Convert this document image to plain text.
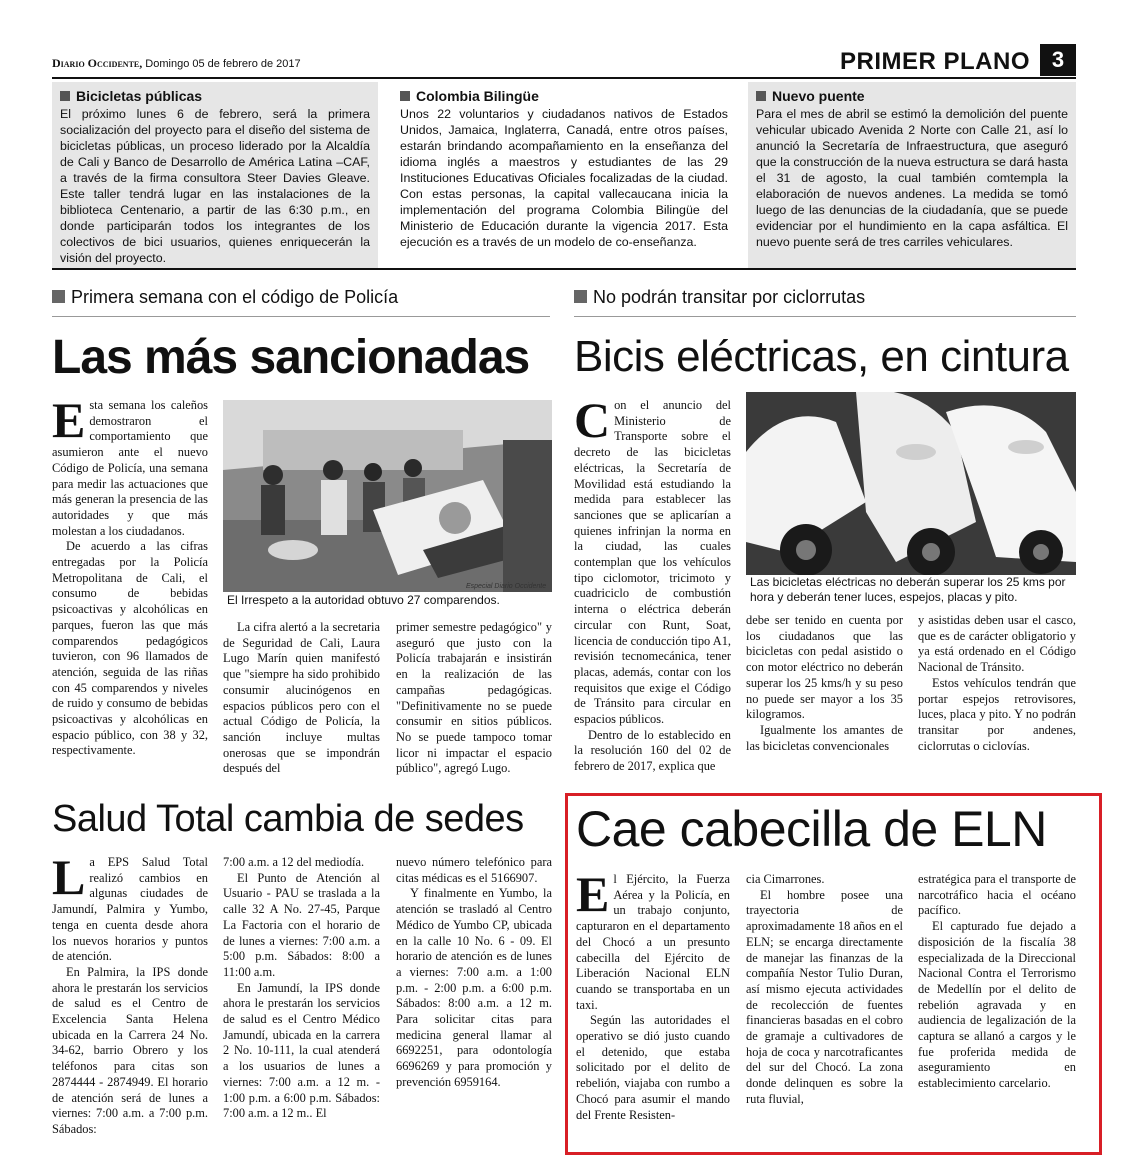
Diario Occidente, Domingo 05 de febrero de 2017	PRIMER PLANO 3
Bicicletas públicas

El próximo lunes 6 de febrero, será la primera socialización del proyecto para el diseño del sistema de bicicletas públicas, un proceso liderado por la Alcaldía de Cali y Banco de Desarrollo de América Latina –CAF, a través de la firma consultora Steer Davies Gleave. Este taller tendrá lugar en las instalaciones de la biblioteca Centenario, a partir de las 6:30 p.m., en donde participarán todos los integrantes de los colectivos de bici usuarios, quienes enriquecerán la visión del proyecto.

Colombia Bilingüe

Unos 22 voluntarios y ciudadanos nativos de Estados Unidos, Jamaica, Inglaterra, Canadá, entre otros países, estarán brindando acompañamiento en la enseñanza del idioma inglés a maestros y estudiantes de las 29 Instituciones Educativas Oficiales focalizadas de la ciudad. Con estas personas, la capital vallecaucana inicia la implementación del programa Colombia Bilingüe del Ministerio de Educación durante la vigencia 2017. Esta ejecución es a través de un modelo de co-enseñanza.

Nuevo puente

Para el mes de abril se estimó la demolición del puente vehicular ubicado Avenida 2 Norte con Calle 21, así lo anunció la Secretaría de Infraestructura, que aseguró que la construcción de la nueva estructura se dará hasta el 31 de agosto, la cual también comtempla la elaboración de nuevos andenes. La medida se tomó luego de las denuncias de la ciudadanía, que se puede evidenciar por el hundimiento en la capa asfáltica. El nuevo puente será de tres carriles vehiculares.

Primera semana con el código de Policía
Las más sancionadas
E sta semana los caleños demostraron el comportamiento que asumieron ante el nuevo Código de Policía, una semana para medir las actuaciones que más generan la presencia de las autoridades y que más molestan a los ciudadanos.

De acuerdo a las cifras entregadas por la Policía Metropolitana de Cali, el consumo de bebidas psicoactivas y alcohólicas en parques, fueron las que más comparendos pedagógicos tuvieron, con 96 llamados de atención, seguida de las riñas con 45 comparendos y niveles de ruido y consumo de bebidas psicoactivas y alcohólicas en espacio público, con 38 y 32, respectivamente.

Especial Diario Occidente
El Irrespeto a la autoridad obtuvo 27 comparendos.

La cifra alertó a la secretaria de Seguridad de Cali, Laura Lugo Marín quien manifestó que "siempre ha sido prohibido consumir alucinógenos en espacios públicos pero con el actual Código de Policía, la sanción incluye multas onerosas que se impondrán después del

primer semestre pedagógico" y aseguró que justo con la Policía trabajarán e insistirán en la realización de las campañas pedagógicas. "Definitivamente no se puede consumir en sitios públicos. No se puede tampoco tomar licor ni impactar el espacio público", agregó Lugo.

No podrán transitar por ciclorrutas
Bicis eléctricas, en cintura
C on el anuncio del Ministerio de Transporte sobre el decreto de las bicicletas eléctricas, la Secretaría de Movilidad está estudiando la medida para establecer las sanciones que se aplicarían a quienes infrinjan la norma en la ciudad, las cuales contemplan que los vehículos tipo ciclomotor, tricimoto y cuadriciclo de combustión interna o eléctrica deberán circular con Runt, Soat, licencia de conducción tipo A1, revisión tecnomecánica, tener placas, además, contar con los requisitos que exige el Código de Tránsito para circular en espacios públicos.

Dentro de lo establecido en la resolución 160 del 02 de febrero de 2017, explica que

Las bicicletas eléctricas no deberán superar los 25 kms por hora y deberán tener luces, espejos, placas y pito.

debe ser tenido en cuenta por los ciudadanos que las bicicletas con pedal asistido o con motor eléctrico no deberán superar los 25 kms/h y su peso no puede ser mayor a los 35 kilogramos.

Igualmente los amantes de las bicicletas convencionales

y asistidas deben usar el casco, que es de carácter obligatorio y ya está ordenado en el Código Nacional de Tránsito.

Estos vehículos tendrán que portar espejos retrovisores, luces, placa y pito. Y no podrán transitar por andenes, ciclorrutas o ciclovías.

Salud Total cambia de sedes
L a EPS Salud Total realizó cambios en algunas ciudades de Jamundí, Palmira y Yumbo, tenga en cuenta desde ahora los nuevos horarios y puntos de atención.

En Palmira, la IPS donde ahora le prestarán los servicios de salud es el Centro de Excelencia Santa Helena ubicada en la Carrera 24 No. 34-62, barrio Obrero y los teléfonos para citas son 2874444 - 2874949. El horario de atención será de lunes a viernes: 7:00 a.m. a 7:00 p.m. Sábados:

7:00 a.m. a 12 del mediodía.

El Punto de Atención al Usuario - PAU se traslada a la calle 32 A No. 27-45, Parque La Factoria con el horario de de lunes a viernes: 7:00 a.m. a 5:00 p.m. Sábados: 8:00 a 11:00 a.m.

En Jamundí, la IPS donde ahora le prestarán los servicios de salud es el Centro Médico Jamundí, ubicada en la carrera 2 No. 10-111, la cual atenderá a los usuarios de lunes a viernes: 7:00 a.m. a 12 m. - 1:00 p.m. a 6:00 p.m. Sábados: 7:00 a.m. a 12 m.. El

nuevo número telefónico para citas médicas es el 5166907.

Y finalmente en Yumbo, la atención se trasladó al Centro Médico de Yumbo CP, ubicada en la calle 10 No. 6 - 09. El horario de atención es de lunes a viernes: 7:00 a.m. a 1:00 p.m. - 2:00 p.m. a 6:00 p.m. Sábados: 8:00 a.m. a 12 m. Para solicitar citas para medicina general llamar al 6692251, para odontología 6696269 y para promoción y prevención 6959164.

Cae cabecilla de ELN
E l Ejército, la Fuerza Aérea y la Policía, en un trabajo conjunto, capturaron en el departamento del Chocó a un presunto cabecilla del Ejército de Liberación Nacional ELN cuando se transportaba en un taxi.

Según las autoridades el operativo se dió justo cuando el detenido, que estaba solicitado por el delito de rebelión, viajaba con rumbo a Chocó para asumir el mando del Frente Resisten-

cia Cimarrones.

El hombre posee una trayectoria de aproximadamente 18 años en el ELN; se encarga directamente de manejar las finanzas de la compañía Nestor Tulio Duran, así mismo ejecuta actividades de recolección de fuentes financieras basadas en el cobro de gramaje a cultivadores de hoja de coca y narcotraficantes del sur del Chocó. La zona donde delinquen es sobre la ruta fluvial,

estratégica para el transporte de narcotráfico hacia el océano pacífico.

El capturado fue dejado a disposición de la fiscalía 38 especializada de la Direccional Nacional Contra el Terrorismo de Medellín por el delito de rebelión agravada y en audiencia de legalización de la captura se allanó a cargos y le fue proferida medida de aseguramiento en establecimiento carcelario.
